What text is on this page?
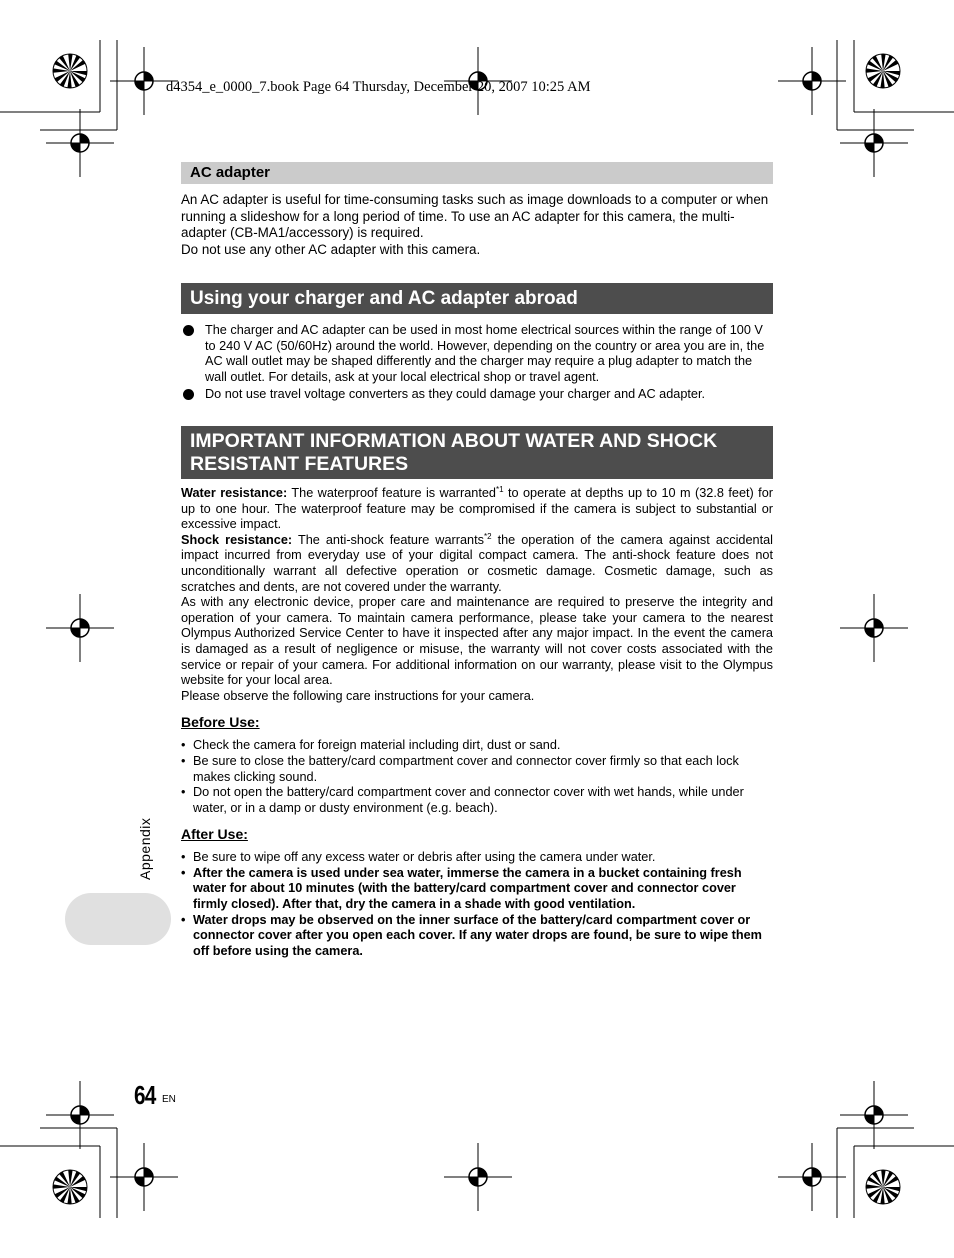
d4354_e_0000_7.book Page 64 Thursday, December 20, 2007 10:25 AM
AC adapter

An AC adapter is useful for time-consuming tasks such as image downloads to a computer or when running a slideshow for a long period of time. To use an AC adapter for this camera, the multi-adapter (CB-MA1/accessory) is required.

Do not use any other AC adapter with this camera.

Using your charger and AC adapter abroad
The charger and AC adapter can be used in most home electrical sources within the range of 100 V to 240 V AC (50/60Hz) around the world. However, depending on the country or area you are in, the AC wall outlet may be shaped differently and the charger may require a plug adapter to match the wall outlet. For details, ask at your local electrical shop or travel agent.
Do not use travel voltage converters as they could damage your charger and AC adapter.
IMPORTANT INFORMATION ABOUT WATER AND SHOCK
RESISTANT FEATURES

Water resistance: The waterproof feature is warranted$^{*1}$ to operate at depths up to 10 m (32.8 feet) for up to one hour. The waterproof feature may be compromised if the camera is subject to substantial or excessive impact.

Shock resistance: The anti-shock feature warrants$^{*2}$ the operation of the camera against accidental impact incurred from everyday use of your digital compact camera. The anti-shock feature does not unconditionally warrant all defective operation or cosmetic damage. Cosmetic damage, such as scratches and dents, are not covered under the warranty.

As with any electronic device, proper care and maintenance are required to preserve the integrity and operation of your camera. To maintain camera performance, please take your camera to the nearest Olympus Authorized Service Center to have it inspected after any major impact. In the event the camera is damaged as a result of negligence or misuse, the warranty will not cover costs associated with the service or repair of your camera. For additional information on our warranty, please visit to the Olympus website for your local area.

Please observe the following care instructions for your camera.

Before Use:
• Check the camera for foreign material including dirt, dust or sand.
• Be sure to close the battery/card compartment cover and connector cover firmly so that each lock makes clicking sound.
• Do not open the battery/card compartment cover and connector cover with wet hands, while under water, or in a damp or dusty environment (e.g. beach).
After Use:
• Be sure to wipe off any excess water or debris after using the camera under water.
• After the camera is used under sea water, immerse the camera in a bucket containing fresh water for about 10 minutes (with the battery/card compartment cover and connector cover firmly closed). After that, dry the camera in a shade with good ventilation.
• Water drops may be observed on the inner surface of the battery/card compartment cover or connector cover after you open each cover. If any water drops are found, be sure to wipe them off before using the camera.
Appendix
64 EN
